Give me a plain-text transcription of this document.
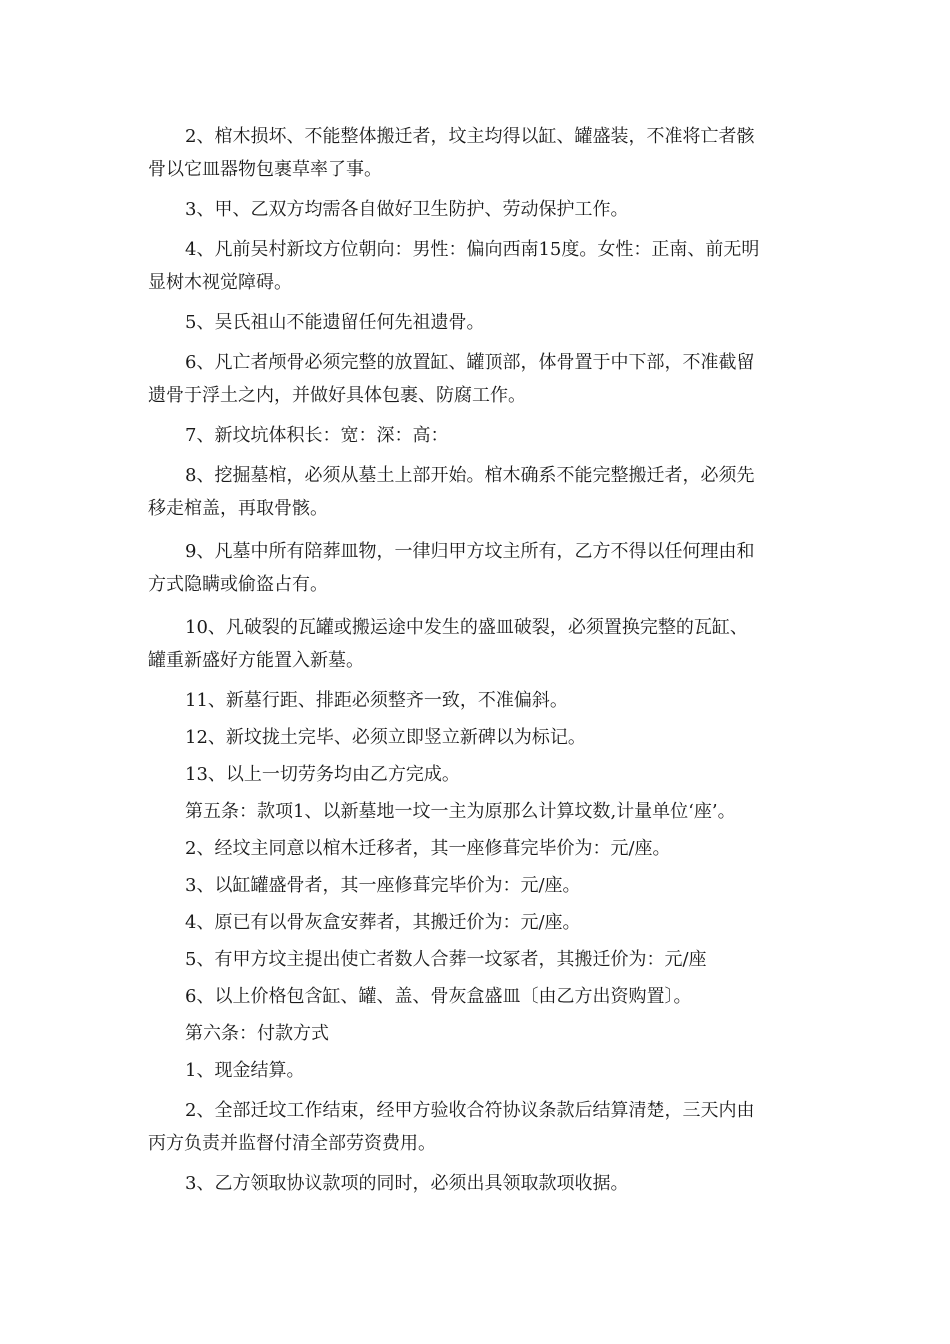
2、棺木损坏、不能整体搬迁者，坟主均得以缸、罐盛装，不准将亡者骸
骨以它皿器物包裹草率了事。

3、甲、乙双方均需各自做好卫生防护、劳动保护工作。

4、凡前吴村新坟方位朝向：男性：偏向西南15度。女性：正南、前无明
显树木视觉障碍。

5、吴氏祖山不能遗留任何先祖遗骨。

6、凡亡者颅骨必须完整的放置缸、罐顶部，体骨置于中下部，不准截留
遗骨于浮土之内，并做好具体包裹、防腐工作。

7、新坟坑体积长：宽：深：高：

8、挖掘墓棺，必须从墓土上部开始。棺木确系不能完整搬迁者，必须先
移走棺盖，再取骨骸。

9、凡墓中所有陪葬皿物，一律归甲方坟主所有，乙方不得以任何理由和
方式隐瞒或偷盗占有。

10、凡破裂的瓦罐或搬运途中发生的盛皿破裂，必须置换完整的瓦缸、
罐重新盛好方能置入新墓。

11、新墓行距、排距必须整齐一致，不准偏斜。

12、新坟拢土完毕、必须立即竖立新碑以为标记。

13、以上一切劳务均由乙方完成。

第五条：款项1、以新墓地一坟一主为原那么计算坟数,计量单位‘座’。

2、经坟主同意以棺木迁移者，其一座修葺完毕价为：元/座。

3、以缸罐盛骨者，其一座修葺完毕价为：元/座。

4、原已有以骨灰盒安葬者，其搬迁价为：元/座。

5、有甲方坟主提出使亡者数人合葬一坟冢者，其搬迁价为：元/座

6、以上价格包含缸、罐、盖、骨灰盒盛皿〔由乙方出资购置〕。

第六条：付款方式

1、现金结算。

2、全部迁坟工作结束，经甲方验收合符协议条款后结算清楚，三天内由
丙方负责并监督付清全部劳资费用。

3、乙方领取协议款项的同时，必须出具领取款项收据。
